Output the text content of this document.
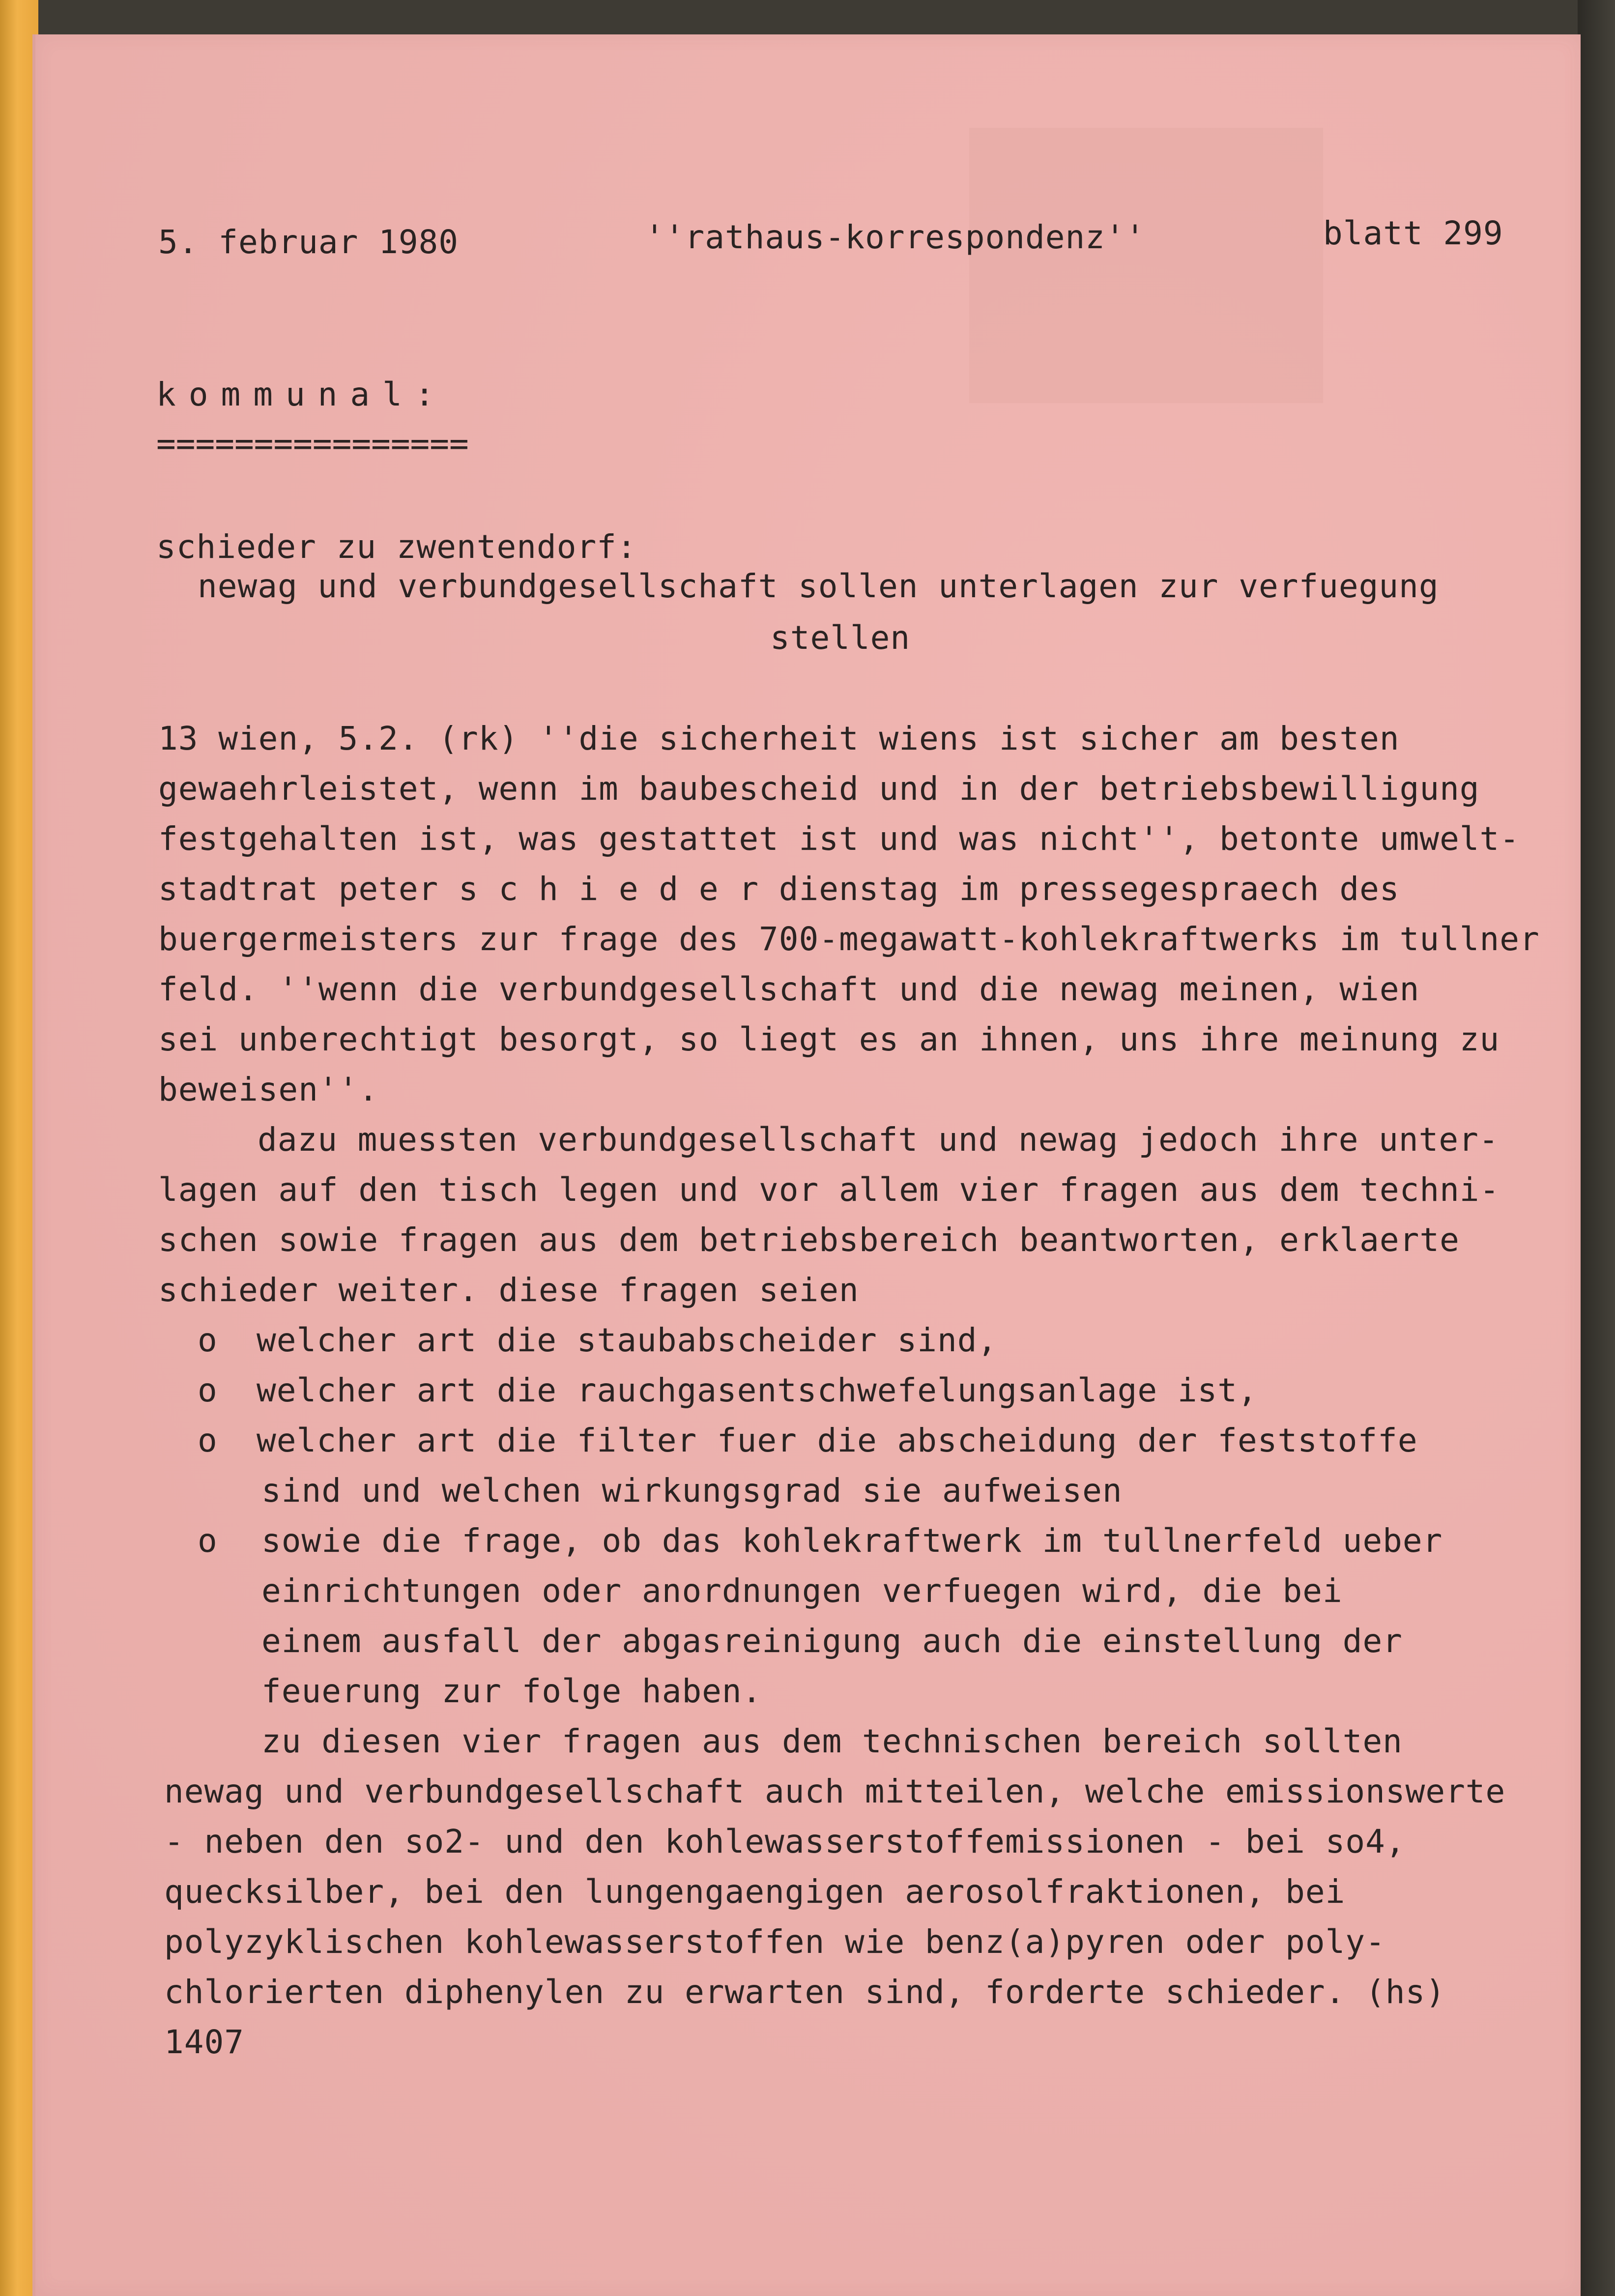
5. februar 1980	''rathaus-korrespondenz''	blatt 299
kommunal:
================
schieder zu zwentendorf:
newag und verbundgesellschaft sollen unterlagen zur verfuegung
stellen
13 wien, 5.2. (rk) ''die sicherheit wiens ist sicher am besten
gewaehrleistet, wenn im baubescheid und in der betriebsbewilligung
festgehalten ist, was gestattet ist und was nicht'', betonte umwelt-
stadtrat peter s c h i e d e r dienstag im pressegespraech des
buergermeisters zur frage des 700-megawatt-kohlekraftwerks im tullner
feld. ''wenn die verbundgesellschaft und die newag meinen, wien
sei unberechtigt besorgt, so liegt es an ihnen, uns ihre meinung zu
beweisen''.
dazu muessten verbundgesellschaft und newag jedoch ihre unter-
lagen auf den tisch legen und vor allem vier fragen aus dem techni-
schen sowie fragen aus dem betriebsbereich beantworten, erklaerte
schieder weiter. diese fragen seien
o welcher art die staubabscheider sind,
o welcher art die rauchgasentschwefelungsanlage ist,
o welcher art die filter fuer die abscheidung der feststoffe
sind und welchen wirkungsgrad sie aufweisen
o sowie die frage, ob das kohlekraftwerk im tullnerfeld ueber
einrichtungen oder anordnungen verfuegen wird, die bei
einem ausfall der abgasreinigung auch die einstellung der
feuerung zur folge haben.
zu diesen vier fragen aus dem technischen bereich sollten
newag und verbundgesellschaft auch mitteilen, welche emissionswerte
- neben den so2- und den kohlewasserstoffemissionen - bei so4,
quecksilber, bei den lungengaengigen aerosolfraktionen, bei
polyzyklischen kohlewasserstoffen wie benz(a)pyren oder poly-
chlorierten diphenylen zu erwarten sind, forderte schieder. (hs)
1407
